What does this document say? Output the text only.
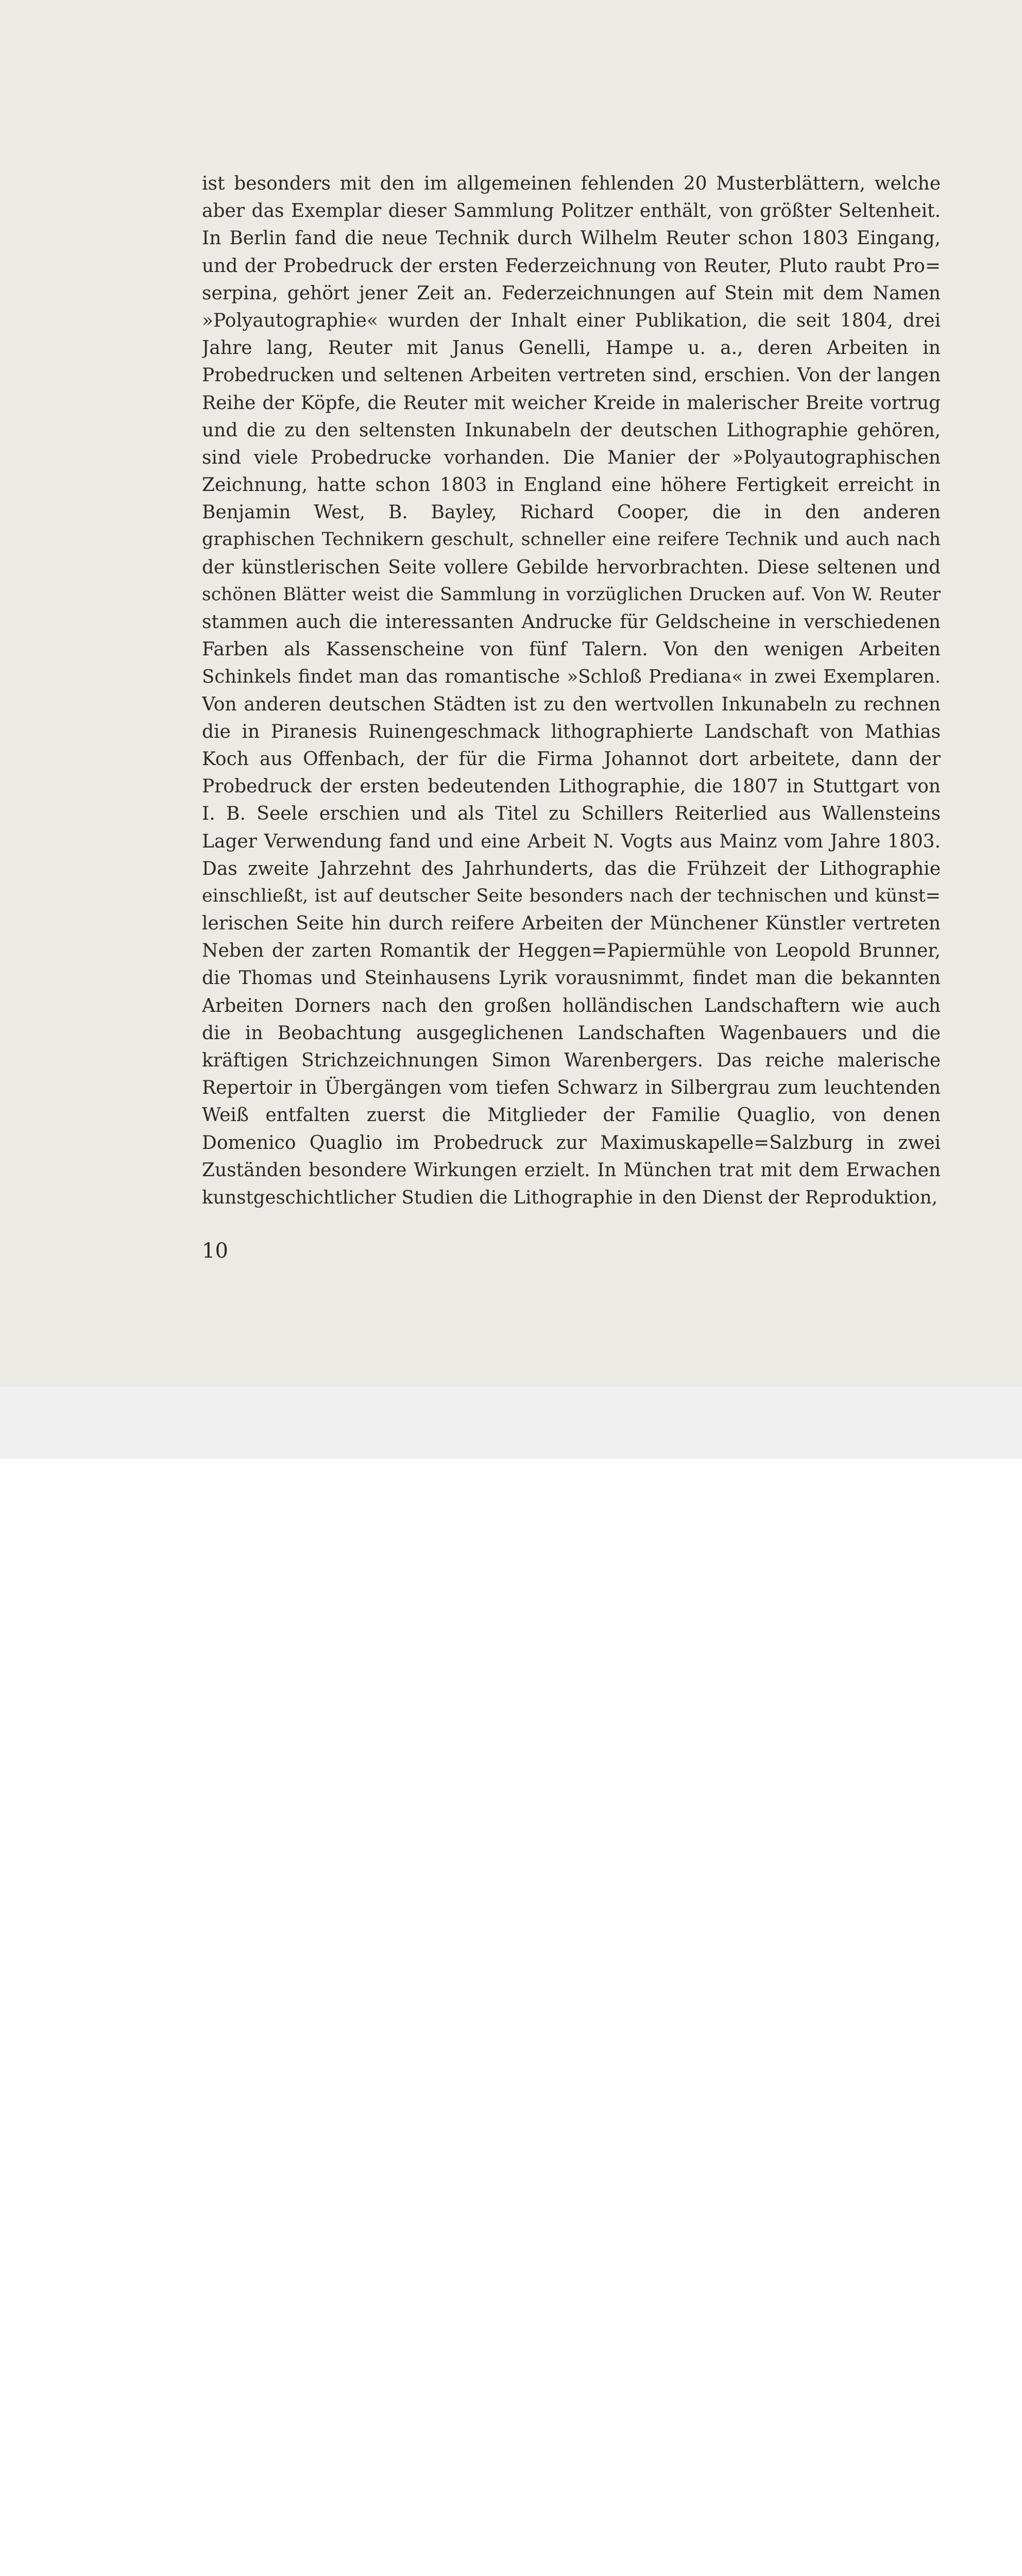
ist besonders mit den im allgemeinen fehlenden 20 Musterblättern, welche
aber das Exemplar dieser Sammlung Politzer enthält, von größter Seltenheit.
In Berlin fand die neue Technik durch Wilhelm Reuter schon 1803 Eingang,
und der Probedruck der ersten Federzeichnung von Reuter, Pluto raubt Pro=
serpina, gehört jener Zeit an. Federzeichnungen auf Stein mit dem Namen
»Polyautographie« wurden der Inhalt einer Publikation, die seit 1804, drei
Jahre lang, Reuter mit Janus Genelli, Hampe u. a., deren Arbeiten in
Probedrucken und seltenen Arbeiten vertreten sind, erschien. Von der langen
Reihe der Köpfe, die Reuter mit weicher Kreide in malerischer Breite vortrug
und die zu den seltensten Inkunabeln der deutschen Lithographie gehören,
sind viele Probedrucke vorhanden. Die Manier der »Polyautographischen
Zeichnung, hatte schon 1803 in England eine höhere Fertigkeit erreicht in
Benjamin West, B. Bayley, Richard Cooper, die in den anderen
graphischen Technikern geschult, schneller eine reifere Technik und auch nach
der künstlerischen Seite vollere Gebilde hervorbrachten. Diese seltenen und
schönen Blätter weist die Sammlung in vorzüglichen Drucken auf. Von W. Reuter
stammen auch die interessanten Andrucke für Geldscheine in verschiedenen
Farben als Kassenscheine von fünf Talern. Von den wenigen Arbeiten
Schinkels findet man das romantische »Schloß Prediana« in zwei Exemplaren.
Von anderen deutschen Städten ist zu den wertvollen Inkunabeln zu rechnen
die in Piranesis Ruinengeschmack lithographierte Landschaft von Mathias
Koch aus Offenbach, der für die Firma Johannot dort arbeitete, dann der
Probedruck der ersten bedeutenden Lithographie, die 1807 in Stuttgart von
I. B. Seele erschien und als Titel zu Schillers Reiterlied aus Wallensteins
Lager Verwendung fand und eine Arbeit N. Vogts aus Mainz vom Jahre 1803.
Das zweite Jahrzehnt des Jahrhunderts, das die Frühzeit der Lithographie
einschließt, ist auf deutscher Seite besonders nach der technischen und künst=
lerischen Seite hin durch reifere Arbeiten der Münchener Künstler vertreten
Neben der zarten Romantik der Heggen=Papiermühle von Leopold Brunner,
die Thomas und Steinhausens Lyrik vorausnimmt, findet man die bekannten
Arbeiten Dorners nach den großen holländischen Landschaftern wie auch
die in Beobachtung ausgeglichenen Landschaften Wagenbauers und die
kräftigen Strichzeichnungen Simon Warenbergers. Das reiche malerische
Repertoir in Übergängen vom tiefen Schwarz in Silbergrau zum leuchtenden
Weiß entfalten zuerst die Mitglieder der Familie Quaglio, von denen
Domenico Quaglio im Probedruck zur Maximuskapelle=Salzburg in zwei
Zuständen besondere Wirkungen erzielt. In München trat mit dem Erwachen
kunstgeschichtlicher Studien die Lithographie in den Dienst der Reproduktion,
10
